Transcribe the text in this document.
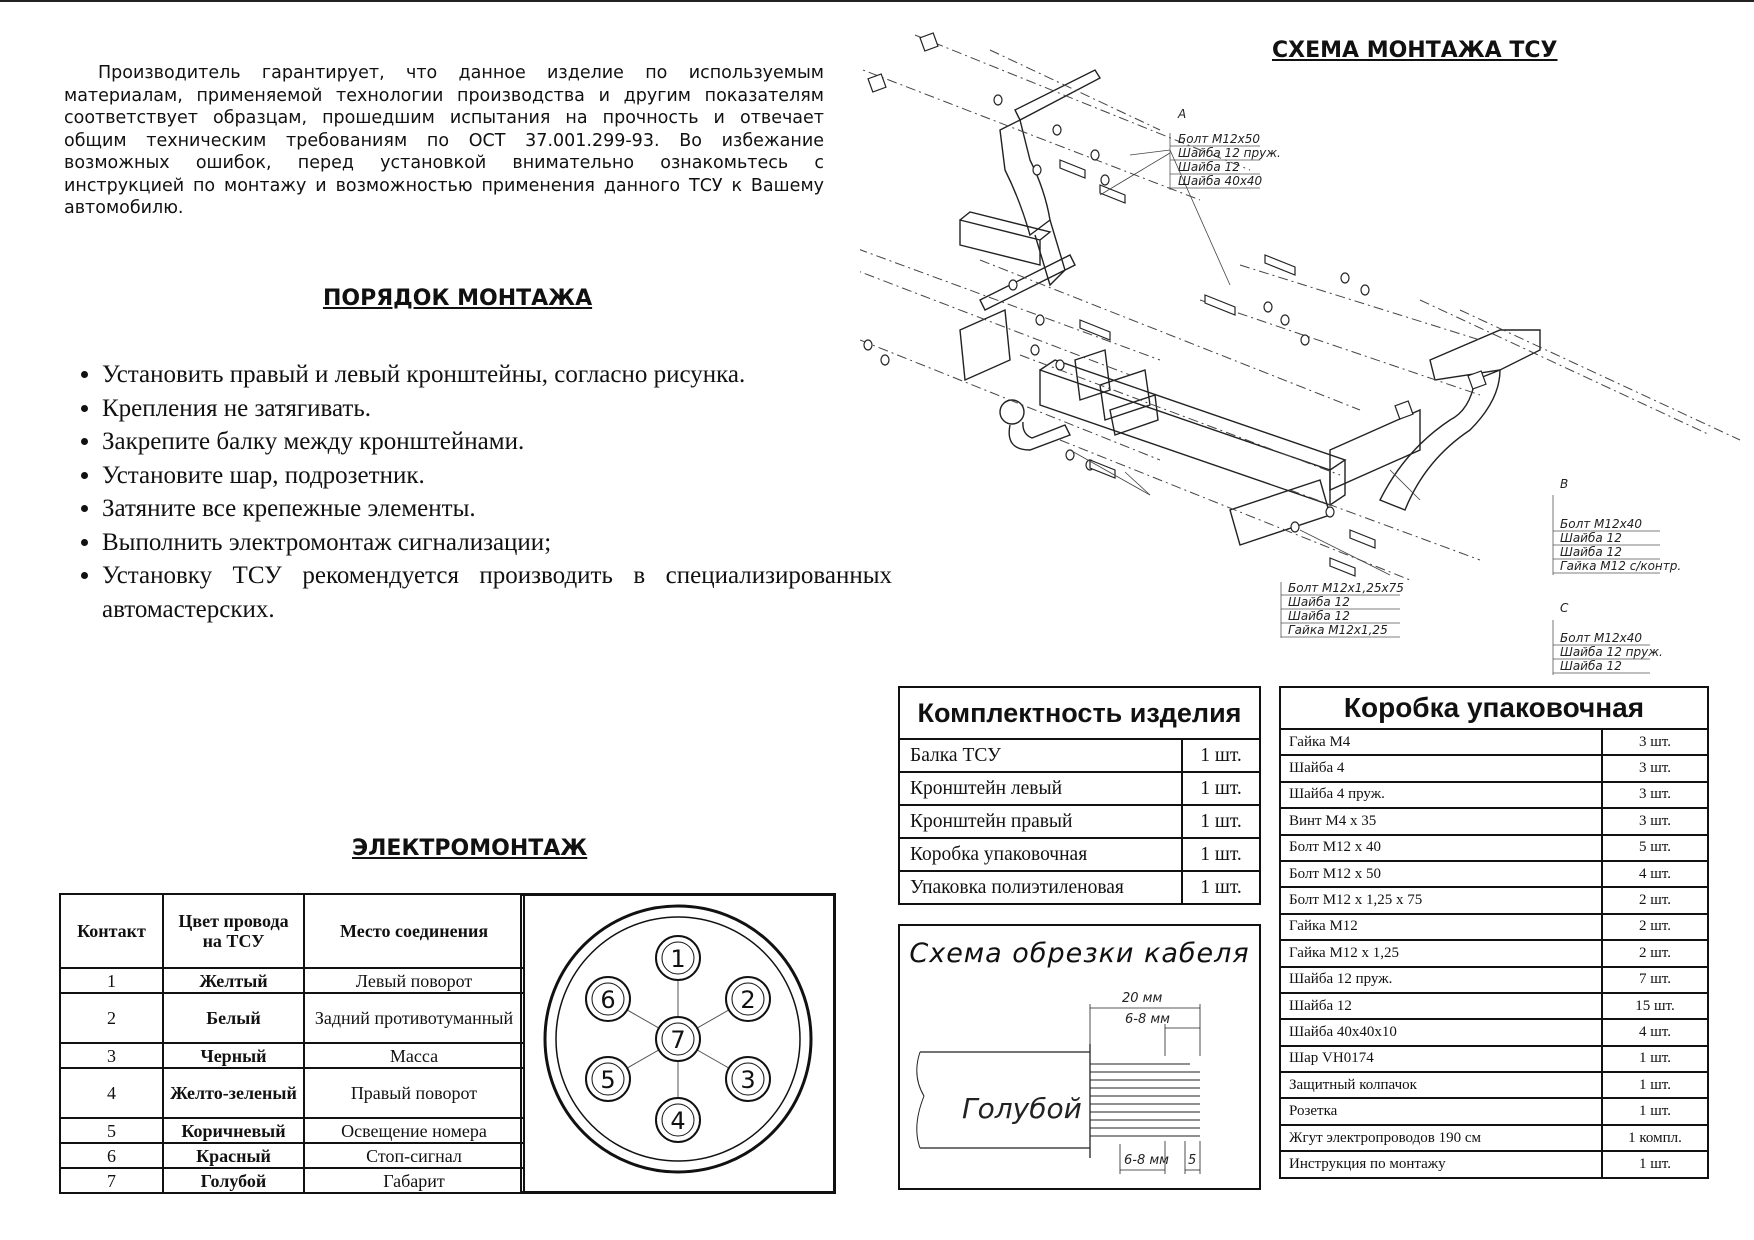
Производитель гарантирует, что данное изделие по используемым материалам, применяемой технологии производства и другим показателям соответствует образцам, прошедшим испытания на прочность и отвечает общим техническим требованиям по ОСТ 37.001.299-93. Во избежание возможных ошибок, перед установкой внимательно ознакомьтесь с инструкцией по монтажу и возможностью применения данного ТСУ к Вашему автомобилю.

ПОРЯДОК МОНТАЖА
• Установить правый и левый кронштейны, согласно рисунка.
• Крепления не затягивать.
• Закрепите балку между кронштейнами.
• Установите шар, подрозетник.
• Затяните все крепежные элементы.
• Выполнить электромонтаж сигнализации;
• Установку ТСУ рекомендуется производить в специализированных автомастерских.
ЭЛЕКТРОМОНТАЖ
Контакт	Цвет провода на ТСУ	Место соединения
1	Желтый	Левый поворот
2	Белый	Задний противотуманный
3	Черный	Масса
4	Желто-зеленый	Правый поворот
5	Коричневый	Освещение номера
6	Красный	Стоп-сигнал
7	Голубой	Габарит
1
2
3
4
5
6
7
СХЕМА МОНТАЖА ТСУ
A
Болт М12х50
Шайба 12 пруж.
Шайба 12
Шайба 40х40
B
Болт М12х40
Шайба 12
Шайба 12
Гайка М12 с/контр.
C
Болт М12х40
Шайба 12 пруж.
Шайба 12
Болт М12х1,25х75
Шайба 12
Шайба 12
Гайка М12х1,25
Комплектность изделия	
Балка ТСУ	1 шт.
Кронштейн левый	1 шт.
Кронштейн правый	1 шт.
Коробка упаковочная	1 шт.
Упаковка полиэтиленовая	1 шт.
Коробка упаковочная	
Гайка М4	3 шт.
Шайба 4	3 шт.
Шайба 4 пруж.	3 шт.
Винт М4 х 35	3 шт.
Болт М12 х 40	5 шт.
Болт М12 х 50	4 шт.
Болт М12 х 1,25 х 75	2 шт.
Гайка М12	2 шт.
Гайка М12 х 1,25	2 шт.
Шайба 12 пруж.	7 шт.
Шайба 12	15 шт.
Шайба 40х40х10	4 шт.
Шар VH0174	1 шт.
Защитный колпачок	1 шт.
Розетка	1 шт.
Жгут электропроводов 190 см	1 компл.
Инструкция по монтажу	1 шт.
Схема обрезки кабеля
20 мм
6-8 мм
6-8 мм 5
Голубой
